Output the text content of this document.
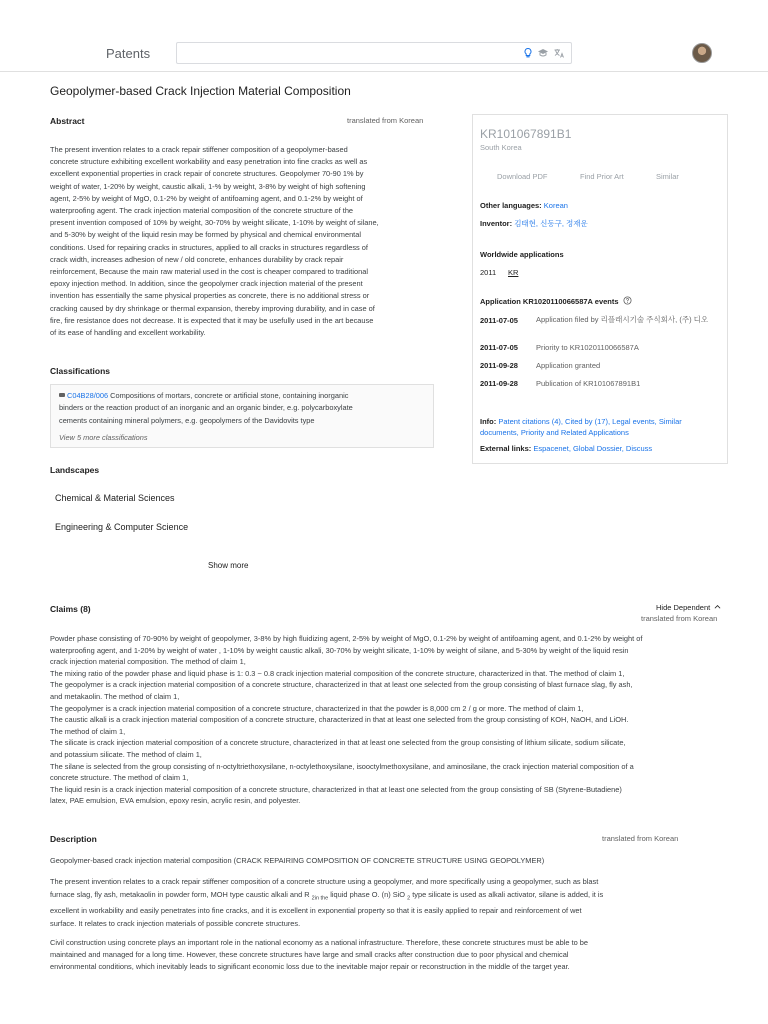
Patents
Geopolymer-based Crack Injection Material Composition
Abstract	translated from Korean
The present invention relates to a crack repair stiffener composition of a geopolymer-based
concrete structure exhibiting excellent workability and easy penetration into fine cracks as well as
excellent exponential properties in crack repair of concrete structures. Geopolymer 70-90 1% by
weight of water, 1-20% by weight, caustic alkali, 1-% by weight, 3-8% by weight of high softening
agent, 2-5% by weight of MgO, 0.1-2% by weight of antifoaming agent, and 0.1-2% by weight of
waterproofing agent. The crack injection material composition of the concrete structure of the
present invention composed of 10% by weight, 30-70% by weight silicate, 1-10% by weight of silane,
and 5-30% by weight of the liquid resin may be formed by physical and chemical environmental
conditions. Used for repairing cracks in structures, applied to all cracks in structures regardless of
crack width, increases adhesion of new / old concrete, enhances durability by crack repair
reinforcement, Because the main raw material used in the cost is cheaper compared to traditional
epoxy injection method. In addition, since the geopolymer crack injection material of the present
invention has essentially the same physical properties as concrete, there is no additional stress or
cracking caused by dry shrinkage or thermal expansion, thereby improving durability, and in case of
fire, fire resistance does not decrease. It is expected that it may be usefully used in the art because
of its ease of handling and excellent workability.
KR101067891B1
South Korea
Download PDF	Find Prior Art	Similar
Other languages: Korean
Inventor: 김태현, 신동구, 정재운
Worldwide applications
2011 KR
Application KR1020110066587A events
2011-07-05 Application filed by 리플래시기술 주식회사, (주) 디오
2011-07-05 Priority to KR1020110066587A
2011-09-28 Application granted
2011-09-28 Publication of KR101067891B1
Info: Patent citations (4), Cited by (17), Legal events, Similar
documents, Priority and Related Applications
External links: Espacenet, Global Dossier, Discuss
Classifications
C04B28/006 Compositions of mortars, concrete or artificial stone, containing inorganic
binders or the reaction product of an inorganic and an organic binder, e.g. polycarboxylate
cements containing mineral polymers, e.g. geopolymers of the Davidovits type
View 5 more classifications
Landscapes
Chemical & Material Sciences
Engineering & Computer Science
Show more
Claims (8)	Hide Dependent
translated from Korean

Powder phase consisting of 70-90% by weight of geopolymer, 3-8% by high fluidizing agent, 2-5% by weight of MgO, 0.1-2% by weight of antifoaming agent, and 0.1-2% by weight of

waterproofing agent, and 1-20% by weight of water , 1-10% by weight caustic alkali, 30-70% by weight silicate, 1-10% by weight of silane, and 5-30% by weight of the liquid resin

crack injection material composition. The method of claim 1,

The mixing ratio of the powder phase and liquid phase is 1: 0.3 ~ 0.8 crack injection material composition of the concrete structure, characterized in that. The method of claim 1,

The geopolymer is a crack injection material composition of a concrete structure, characterized in that at least one selected from the group consisting of blast furnace slag, fly ash,

and metakaolin. The method of claim 1,

The geopolymer is a crack injection material composition of a concrete structure, characterized in that the powder is 8,000 cm 2 / g or more. The method of claim 1,

The caustic alkali is a crack injection material composition of a concrete structure, characterized in that at least one selected from the group consisting of KOH, NaOH, and LiOH.

The method of claim 1,

The silicate is crack injection material composition of a concrete structure, characterized in that at least one selected from the group consisting of lithium silicate, sodium silicate,

and potassium silicate. The method of claim 1,

The silane is selected from the group consisting of n-octyltriethoxysilane, n-octylethoxysilane, isooctylmethoxysilane, and aminosilane, the crack injection material composition of a

concrete structure. The method of claim 1,

The liquid resin is a crack injection material composition of a concrete structure, characterized in that at least one selected from the group consisting of SB (Styrene-Butadiene)

latex, PAE emulsion, EVA emulsion, epoxy resin, acrylic resin, and polyester.

Description	translated from Korean
Geopolymer-based crack injection material composition (CRACK REPAIRING COMPOSITION OF CONCRETE STRUCTURE USING GEOPOLYMER)
The present invention relates to a crack repair stiffener composition of a concrete structure using a geopolymer, and more specifically using a geopolymer, such as blast
furnace slag, fly ash, metakaolin in powder form, MOH type caustic alkali and R $_{2in the}$ liquid phase O. (n) SiO $_2$ type silicate is used as alkali activator, silane is added, it is
excellent in workability and easily penetrates into fine cracks, and it is excellent in exponential property so that it is easily applied to repair and reinforcement of wet
surface. It relates to crack injection materials of possible concrete structures.
Civil construction using concrete plays an important role in the national economy as a national infrastructure. Therefore, these concrete structures must be able to be
maintained and managed for a long time. However, these concrete structures have large and small cracks after construction due to poor physical and chemical
environmental conditions, which inevitably leads to significant economic loss due to the inevitable major repair or reconstruction in the middle of the target year.
